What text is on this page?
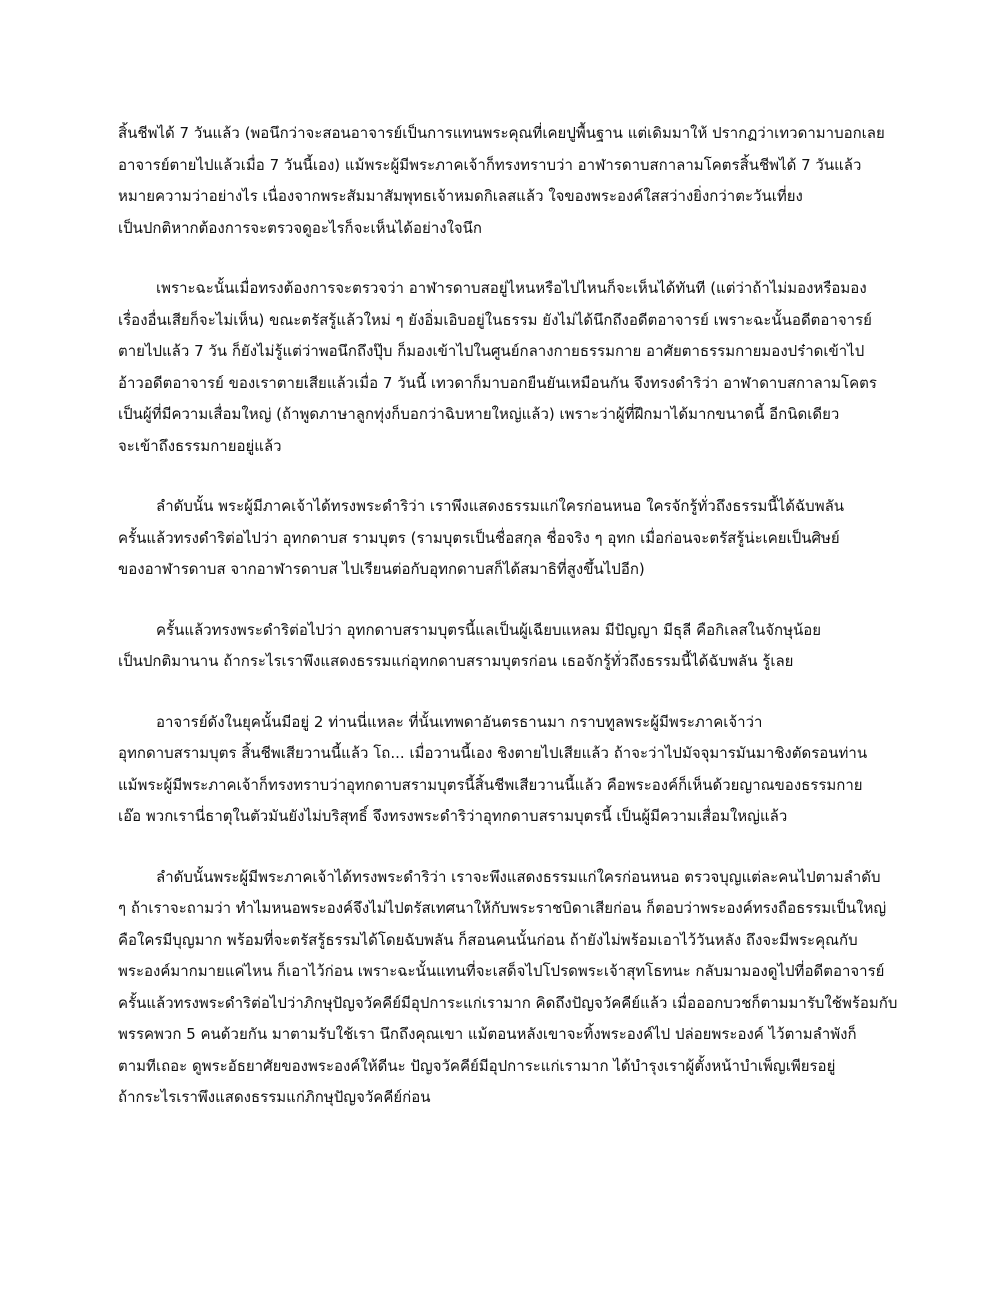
สิ้นชีพได้ 7 วันแล้ว (พอนึกว่าจะสอนอาจารย์เป็นการแทนพระคุณที่เคยปูพื้นฐาน แต่เดิมมาให้ ปรากฏว่าเทวดามาบอกเลย
อาจารย์ตายไปแล้วเมื่อ 7 วันนี้เอง) แม้พระผู้มีพระภาคเจ้าก็ทรงทราบว่า อาฬารดาบสกาลามโคตรสิ้นชีพได้ 7 วันแล้ว
หมายความว่าอย่างไร เนื่องจากพระสัมมาสัมพุทธเจ้าหมดกิเลสแล้ว ใจของพระองค์ใสสว่างยิ่งกว่าตะวันเที่ยง
เป็นปกติหากต้องการจะตรวจดูอะไรก็จะเห็นได้อย่างใจนึก
เพราะฉะนั้นเมื่อทรงต้องการจะตรวจว่า อาฬารดาบสอยู่ไหนหรือไปไหนก็จะเห็นได้ทันที (แต่ว่าถ้าไม่มองหรือมอง
เรื่องอื่นเสียก็จะไม่เห็น) ขณะตรัสรู้แล้วใหม่ ๆ ยังอิ่มเอิบอยู่ในธรรม ยังไม่ได้นึกถึงอดีตอาจารย์ เพราะฉะนั้นอดีตอาจารย์
ตายไปแล้ว 7 วัน ก็ยังไม่รู้แต่ว่าพอนึกถึงปุ๊บ ก็มองเข้าไปในศูนย์กลางกายธรรมกาย อาศัยตาธรรมกายมองปร๋าดเข้าไป
อ้าวอดีตอาจารย์ ของเราตายเสียแล้วเมื่อ 7 วันนี้ เทวดาก็มาบอกยืนยันเหมือนกัน จึงทรงดำริว่า อาฬาดาบสกาลามโคตร
เป็นผู้ที่มีความเสื่อมใหญ่ (ถ้าพูดภาษาลูกทุ่งก็บอกว่าฉิบหายใหญ่แล้ว) เพราะว่าผู้ที่ฝึกมาได้มากขนาดนี้ อีกนิดเดียว
จะเข้าถึงธรรมกายอยู่แล้ว
ลำดับนั้น พระผู้มีภาคเจ้าได้ทรงพระดำริว่า เราพึงแสดงธรรมแก่ใครก่อนหนอ ใครจักรู้ทั่วถึงธรรมนี้ได้ฉับพลัน
ครั้นแล้วทรงดำริต่อไปว่า อุทกดาบส รามบุตร (รามบุตรเป็นชื่อสกุล ชื่อจริง ๆ อุทก เมื่อก่อนจะตรัสรู้น่ะเคยเป็นศิษย์
ของอาฬารดาบส จากอาฬารดาบส ไปเรียนต่อกับอุทกดาบสก็ได้สมาธิที่สูงขึ้นไปอีก)
ครั้นแล้วทรงพระดำริต่อไปว่า อุทกดาบสรามบุตรนี้แลเป็นผู้เฉียบแหลม มีปัญญา มีธุลี คือกิเลสในจักษุน้อย
เป็นปกติมานาน ถ้ากระไรเราพึงแสดงธรรมแก่อุทกดาบสรามบุตรก่อน เธอจักรู้ทั่วถึงธรรมนี้ได้ฉับพลัน รู้เลย
อาจารย์ดังในยุคนั้นมีอยู่ 2 ท่านนี่แหละ ที่นั้นเทพดาอันตรธานมา กราบทูลพระผู้มีพระภาคเจ้าว่า
อุทกดาบสรามบุตร สิ้นชีพเสียวานนี้แล้ว โถ... เมื่อวานนี้เอง ชิงตายไปเสียแล้ว ถ้าจะว่าไปมัจจุมารมันมาชิงตัดรอนท่าน
แม้พระผู้มีพระภาคเจ้าก็ทรงทราบว่าอุทกดาบสรามบุตรนี้สิ้นชีพเสียวานนี้แล้ว คือพระองค์ก็เห็นด้วยญาณของธรรมกาย
เอ๊อ พวกเรานี่ธาตุในตัวมันยังไม่บริสุทธิ์ จึงทรงพระดำริว่าอุทกดาบสรามบุตรนี้ เป็นผู้มีความเสื่อมใหญ่แล้ว
ลำดับนั้นพระผู้มีพระภาคเจ้าได้ทรงพระดำริว่า เราจะพึงแสดงธรรมแก่ใครก่อนหนอ ตรวจบุญแต่ละคนไปตามลำดับ
ๆ ถ้าเราจะถามว่า ทำไมหนอพระองค์จึงไม่ไปตรัสเทศนาให้กับพระราชบิดาเสียก่อน ก็ตอบว่าพระองค์ทรงถือธรรมเป็นใหญ่
คือใครมีบุญมาก พร้อมที่จะตรัสรู้ธรรมได้โดยฉับพลัน ก็สอนคนนั้นก่อน ถ้ายังไม่พร้อมเอาไว้วันหลัง ถึงจะมีพระคุณกับ
พระองค์มากมายแค่ไหน ก็เอาไว้ก่อน เพราะฉะนั้นแทนที่จะเสด็จไปโปรดพระเจ้าสุทโธทนะ กลับมามองดูไปที่อดีตอาจารย์
ครั้นแล้วทรงพระดำริต่อไปว่าภิกษุปัญจวัคคีย์มีอุปการะแก่เรามาก คิดถึงปัญจวัคคีย์แล้ว เมื่อออกบวชก็ตามมารับใช้พร้อมกับ
พรรคพวก 5 คนด้วยกัน มาตามรับใช้เรา นึกถึงคุณเขา แม้ตอนหลังเขาจะทิ้งพระองค์ไป ปล่อยพระองค์ ไว้ตามลำพังก็
ตามทีเถอะ ดูพระอัธยาศัยของพระองค์ให้ดีนะ ปัญจวัคคีย์มีอุปการะแก่เรามาก ได้บำรุงเราผู้ตั้งหน้าบำเพ็ญเพียรอยู่
ถ้ากระไรเราพึงแสดงธรรมแก่ภิกษุปัญจวัคคีย์ก่อน
